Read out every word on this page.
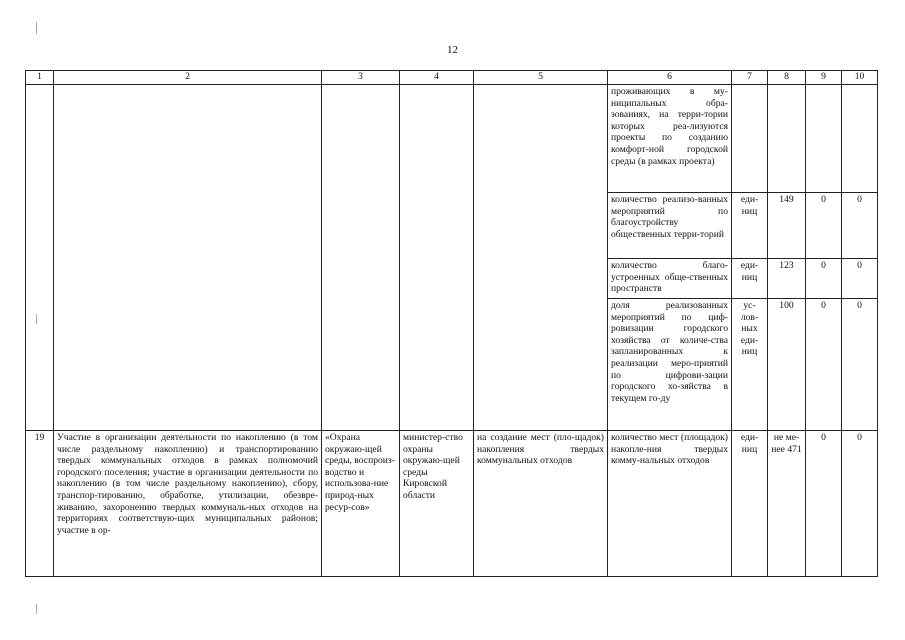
12
1	2	3	4	5	6	7	8	9	10
					проживающих в му-ниципальных обра-зованиях, на терри-тории которых реа-лизуются проекты по созданию комфорт-ной городской среды (в рамках проекта)				
					количество реализо-ванных мероприятий по благоустройству общественных терри-торий	еди-ниц	149	0	0
					количество благо-устроенных обще-ственных пространств	еди-ниц	123	0	0
					доля реализованных мероприятий по циф-ровизации городского хозяйства от количе-ства запланированных к реализации меро-приятий по цифрови-зации городского хо-зяйства в текущем го-ду	ус-лов-ных еди-ниц	100	0	0
19	Участие в организации деятельности по накоплению (в том числе раздельному накоплению) и транспортированию твердых коммунальных отходов в рамках полномочий городского поселения; участие в организации деятельности по накоплению (в том числе раздельному накоплению), сбору, транспор-тированию, обработке, утилизации, обезвре-живанию, захоронению твердых коммуналь-ных отходов на территориях соответствую-щих муниципальных районов; участие в ор-	«Охрана окружаю-щей среды, воспроиз-водство и использова-ние природ-ных ресур-сов»	министер-ство охраны окружаю-щей среды Кировской области	на создание мест (пло-щадок) накопления твердых коммунальных отходов	количество мест (площадок) накопле-ния твердых комму-нальных отходов	еди-ниц	не ме-нее 471	0	0
